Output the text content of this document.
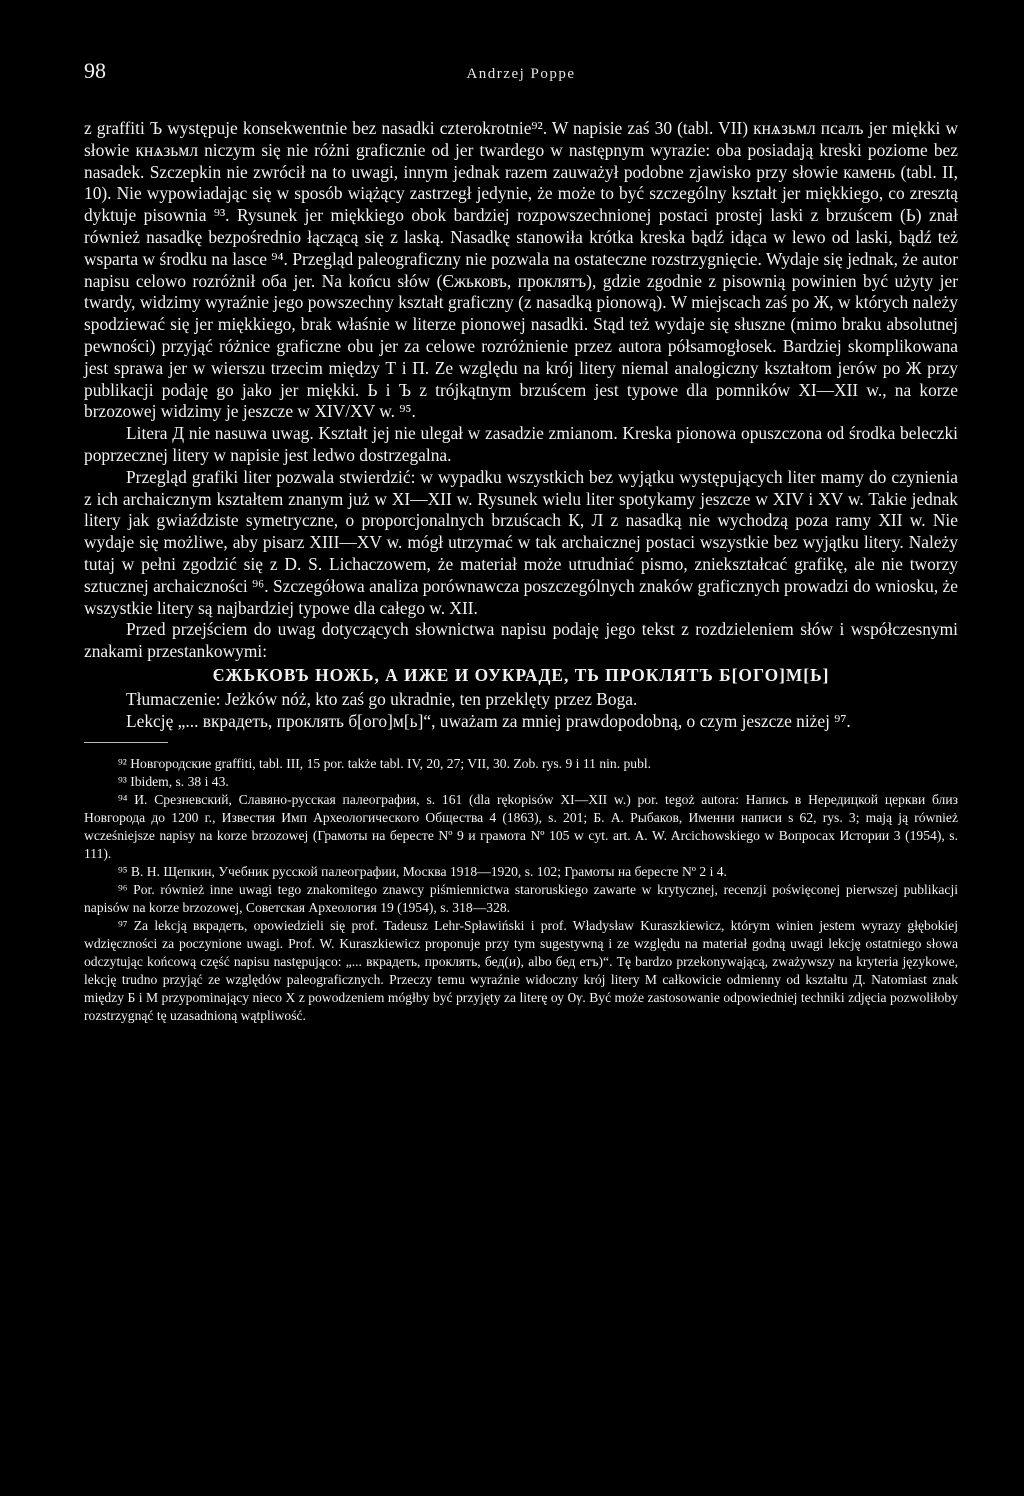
98	Andrzej Poppe

z graffiti Ъ występuje konsekwentnie bez nasadki czterokrotnie⁹². W napisie zaś 30 (tabl. VII) кнѧзьмл псалъ jer miękki w słowie кнѧзьмл niczym się nie różni graficznie od jer twardego w następnym wyrazie: oba posiadają kreski poziome bez nasadek. Szczepkin nie zwrócił na to uwagi, innym jednak razem zauważył podobne zjawisko przy słowie камень (tabl. II, 10). Nie wypowiadając się w sposób wiążący zastrzegł jedynie, że może to być szczególny kształt jer miękkiego, co zresztą dyktuje pisownia ⁹³. Rysunek jer miękkiego obok bardziej rozpowszechnionej postaci prostej laski z brzuścem (Ь) znał również nasadkę bezpośrednio łączącą się z laską. Nasadkę stanowiła krótka kreska bądź idąca w lewo od laski, bądź też wsparta w środku na lasce ⁹⁴. Przegląd paleograficzny nie pozwala na ostateczne rozstrzygnięcie. Wydaje się jednak, że autor napisu celowo rozróżnił oба jer. Na końcu słów (Єжьковъ, проклятъ), gdzie zgodnie z pisownią powinien być użyty jer twardy, widzimy wyraźnie jego powszechny kształt graficzny (z nasadką pionową). W miejscach zaś po Ж, w których należy spodziewać się jer miękkiego, brak właśnie w literze pionowej nasadki. Stąd też wydaje się słuszne (mimo braku absolutnej pewności) przyjąć różnice graficzne obu jer za celowe rozróżnienie przez autora półsamogłosek. Bardziej skomplikowana jest sprawa jer w wierszu trzecim między Т i П. Ze względu na krój litery niemal analogiczny kształtom jerów po Ж przy publikacji podaję go jako jer miękki. Ь i Ъ z trójkątnym brzuścem jest typowe dla pomników XI—XII w., na korze brzozowej widzimy je jeszcze w XIV/XV w. ⁹⁵.

Litera Д nie nasuwa uwag. Kształt jej nie ulegał w zasadzie zmianom. Kreska pionowa opuszczona od środka beleczki poprzecznej litery w napisie jest ledwo dostrzegalna.

Przegląd grafiki liter pozwala stwierdzić: w wypadku wszystkich bez wyjątku występujących liter mamy do czynienia z ich archaicznym kształtem znanym już w XI—XII w. Rysunek wielu liter spotykamy jeszcze w XIV i XV w. Takie jednak litery jak gwiaździste symetryczne, o proporcjonalnych brzuścach К, Л z nasadką nie wychodzą poza ramy XII w. Nie wydaje się możliwe, aby pisarz XIII—XV w. mógł utrzymać w tak archaicznej postaci wszystkie bez wyjątku litery. Należy tutaj w pełni zgodzić się z D. S. Lichaczowem, że materiał może utrudniać pismo, zniekształcać grafikę, ale nie tworzy sztucznej archaiczności ⁹⁶. Szczegółowa analiza porównawcza poszczególnych znaków graficznych prowadzi do wniosku, że wszystkie litery są najbardziej typowe dla całego w. XII.

Przed przejściem do uwag dotyczących słownictwa napisu podaję jego tekst z rozdzieleniem słów i współczesnymi znakami przestankowymi:

ЄЖЬКОВЪ НОЖЬ, А ИЖЕ И ОУКРАДЕ, ТЬ ПРОКЛЯТЪ Б[ОГО]М[Ь]

Tłumaczenie: Jeżków nóż, kto zaś go ukradnie, ten przeklęty przez Boga.

Lekcję „... вкрадеть, проклять б[ого]м[ь]“, uważam za mniej prawdopodobną, o czym jeszcze niżej ⁹⁷.

⁹² Новгородские graffiti, tabl. III, 15 por. także tabl. IV, 20, 27; VII, 30. Zob. rys. 9 i 11 nin. publ.

⁹³ Ibidem, s. 38 i 43.

⁹⁴ И. Срезневский, Славяно-русская палеография, s. 161 (dla rękopisów XI—XII w.) por. tegoż autora: Напись в Нередицкой церкви близ Новгорода до 1200 г., Известия Имп Археологического Общества 4 (1863), s. 201; Б. А. Рыбаков, Именни написи s 62, rys. 3; mają ją również wcześniejsze napisy na korze brzozowej (Грамоты на бересте Nº 9 и грамота Nº 105 w cyt. art. A. W. Arciсhowskiego w Вопросах Истории 3 (1954), s. 111).

⁹⁵ В. Н. Щепкин, Учебник русской палеографии, Москва 1918—1920, s. 102; Грамоты на бересте Nº 2 i 4.

⁹⁶ Por. również inne uwagi tego znakomitego znawcy piśmiennictwa staroruskiego zawarte w krytycznej, recenzji poświęconej pierwszej publikacji napisów na korze brzozowej, Советская Археология 19 (1954), s. 318—328.

⁹⁷ Za lekcją вкрадеть, opowiedzieli się prof. Tadeusz Lehr-Spławiński i prof. Władysław Kuraszkiewicz, którym winien jestem wyrazy głębokiej wdzięczności za poczynione uwagi. Prof. W. Kuraszkiewicz proponuje przy tym sugestywną i ze względu na materiał godną uwagi lekcję ostatniego słowa odczytując końcową część napisu następująco: „... вкрадеть, проклять, бед(и), albo бед етъ)“. Tę bardzo przekonywającą, zważywszy na kryteria językowe, lekcję trudno przyjąć ze względów paleograficznych. Przeczy temu wyraźnie widoczny krój litery М całkowicie odmienny od kształtu Д. Natomiast znak między Б i М przypominający nieco Х z powodzeniem mógłby być przyjęty za literę оу Ѹ. Być może zastosowanie odpowiedniej techniki zdjęcia pozwoliłoby rozstrzygnąć tę uzasadnioną wątpliwość.
